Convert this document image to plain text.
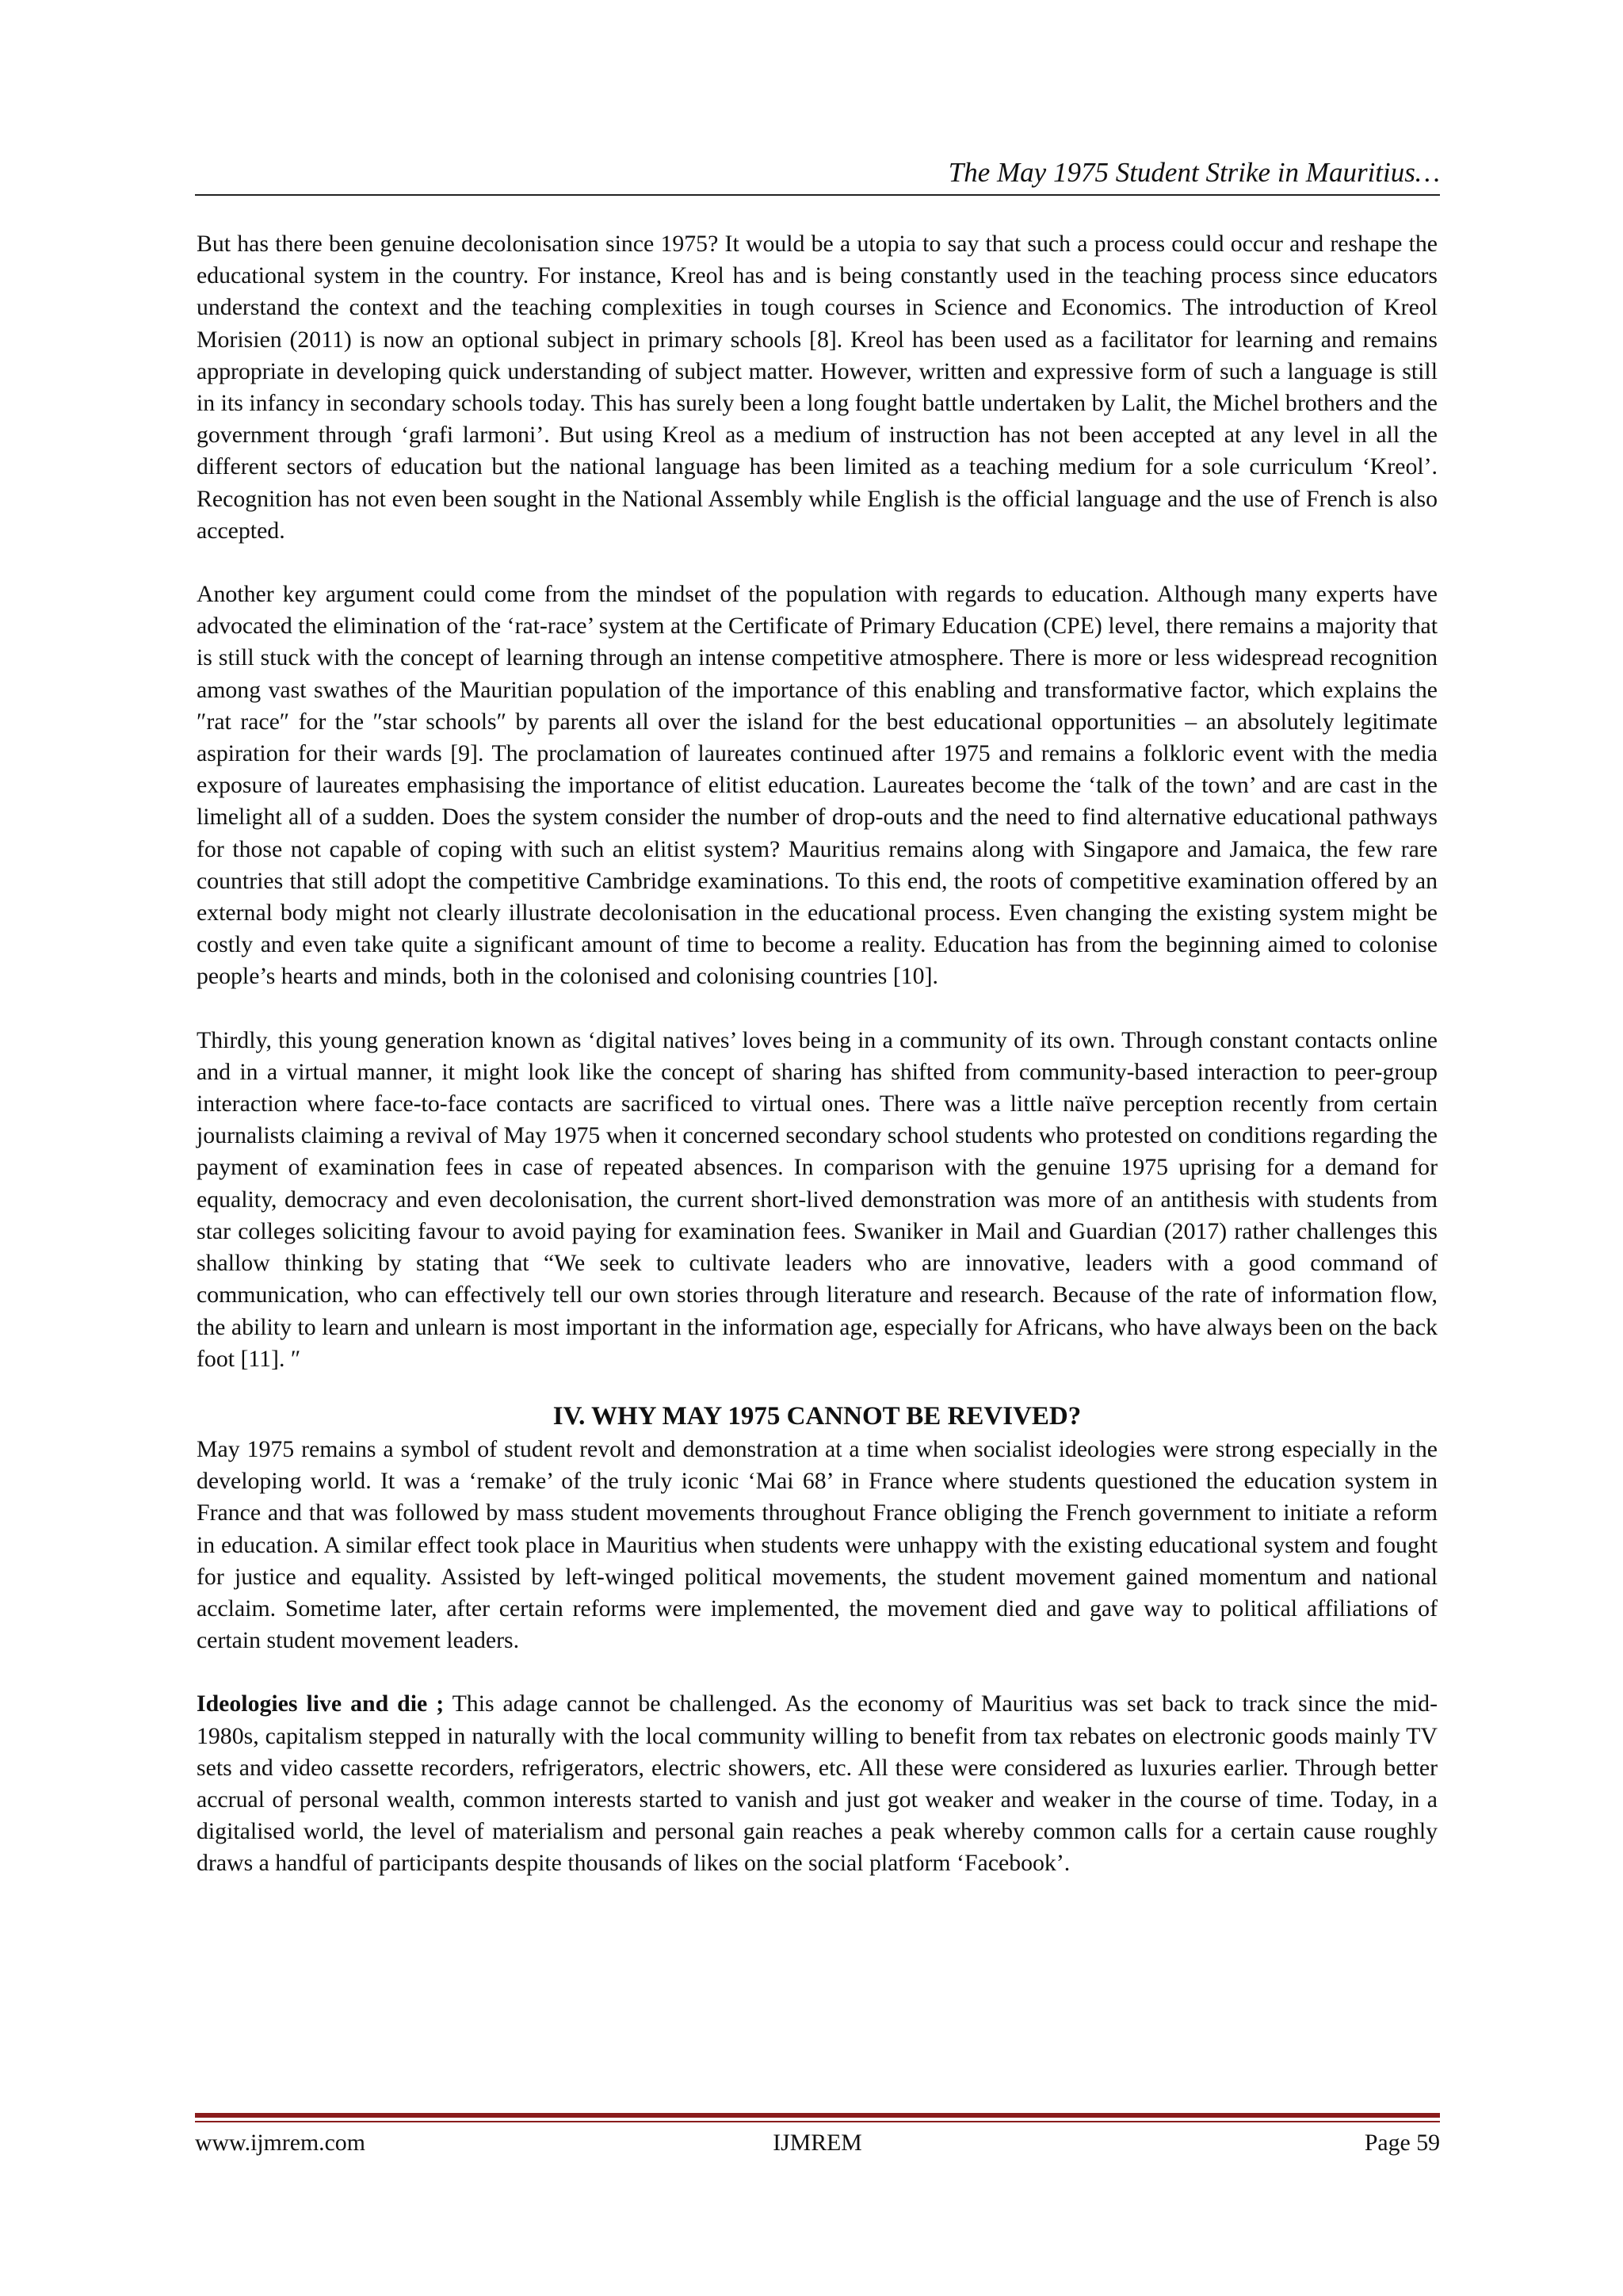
The May 1975 Student Strike in Mauritius…

But has there been genuine decolonisation since 1975? It would be a utopia to say that such a process could occur and reshape the educational system in the country. For instance, Kreol has and is being constantly used in the teaching process since educators understand the context and the teaching complexities in tough courses in Science and Economics. The introduction of Kreol Morisien (2011) is now an optional subject in primary schools [8]. Kreol has been used as a facilitator for learning and remains appropriate in developing quick understanding of subject matter. However, written and expressive form of such a language is still in its infancy in secondary schools today. This has surely been a long fought battle undertaken by Lalit, the Michel brothers and the government through ‘grafi larmoni’. But using Kreol as a medium of instruction has not been accepted at any level in all the different sectors of education but the national language has been limited as a teaching medium for a sole curriculum ‘Kreol’. Recognition has not even been sought in the National Assembly while English is the official language and the use of French is also accepted.

Another key argument could come from the mindset of the population with regards to education. Although many experts have advocated the elimination of the ‘rat-race’ system at the Certificate of Primary Education (CPE) level, there remains a majority that is still stuck with the concept of learning through an intense competitive atmosphere. There is more or less widespread recognition among vast swathes of the Mauritian population of the importance of this enabling and transformative factor, which explains the ″rat race″ for the ″star schools″ by parents all over the island for the best educational opportunities – an absolutely legitimate aspiration for their wards [9]. The proclamation of laureates continued after 1975 and remains a folkloric event with the media exposure of laureates emphasising the importance of elitist education. Laureates become the ‘talk of the town’ and are cast in the limelight all of a sudden. Does the system consider the number of drop-outs and the need to find alternative educational pathways for those not capable of coping with such an elitist system? Mauritius remains along with Singapore and Jamaica, the few rare countries that still adopt the competitive Cambridge examinations. To this end, the roots of competitive examination offered by an external body might not clearly illustrate decolonisation in the educational process. Even changing the existing system might be costly and even take quite a significant amount of time to become a reality. Education has from the beginning aimed to colonise people’s hearts and minds, both in the colonised and colonising countries [10].

Thirdly, this young generation known as ‘digital natives’ loves being in a community of its own. Through constant contacts online and in a virtual manner, it might look like the concept of sharing has shifted from community-based interaction to peer-group interaction where face-to-face contacts are sacrificed to virtual ones. There was a little naïve perception recently from certain journalists claiming a revival of May 1975 when it concerned secondary school students who protested on conditions regarding the payment of examination fees in case of repeated absences. In comparison with the genuine 1975 uprising for a demand for equality, democracy and even decolonisation, the current short-lived demonstration was more of an antithesis with students from star colleges soliciting favour to avoid paying for examination fees. Swaniker in Mail and Guardian (2017) rather challenges this shallow thinking by stating that “We seek to cultivate leaders who are innovative, leaders with a good command of communication, who can effectively tell our own stories through literature and research. Because of the rate of information flow, the ability to learn and unlearn is most important in the information age, especially for Africans, who have always been on the back foot [11]. ″

IV. WHY MAY 1975 CANNOT BE REVIVED?

May 1975 remains a symbol of student revolt and demonstration at a time when socialist ideologies were strong especially in the developing world. It was a ‘remake’ of the truly iconic ‘Mai 68’ in France where students questioned the education system in France and that was followed by mass student movements throughout France obliging the French government to initiate a reform in education. A similar effect took place in Mauritius when students were unhappy with the existing educational system and fought for justice and equality. Assisted by left-winged political movements, the student movement gained momentum and national acclaim. Sometime later, after certain reforms were implemented, the movement died and gave way to political affiliations of certain student movement leaders.

Ideologies live and die ; This adage cannot be challenged. As the economy of Mauritius was set back to track since the mid-1980s, capitalism stepped in naturally with the local community willing to benefit from tax rebates on electronic goods mainly TV sets and video cassette recorders, refrigerators, electric showers, etc. All these were considered as luxuries earlier. Through better accrual of personal wealth, common interests started to vanish and just got weaker and weaker in the course of time. Today, in a digitalised world, the level of materialism and personal gain reaches a peak whereby common calls for a certain cause roughly draws a handful of participants despite thousands of likes on the social platform ‘Facebook’.

www.ijmrem.com	IJMREM	Page 59
